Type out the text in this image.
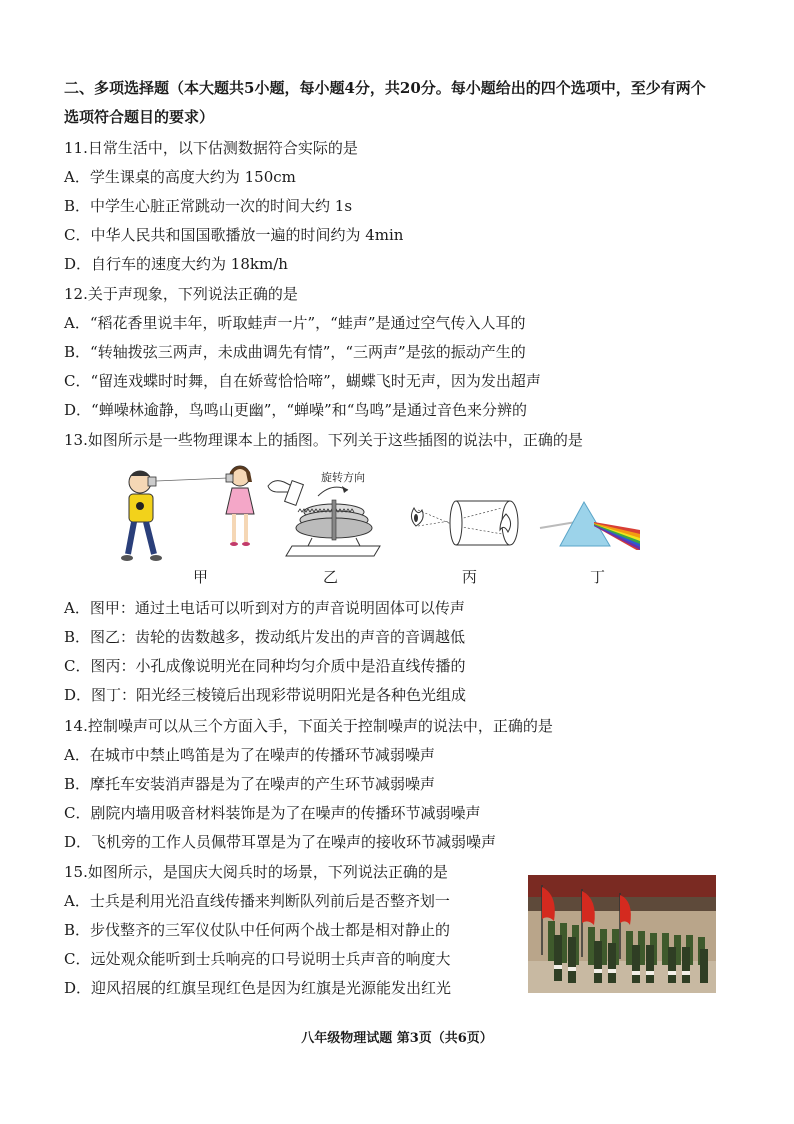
二、多项选择题（本大题共5小题，每小题4分，共20分。每小题给出的四个选项中，至少有两个
选项符合题目的要求）
11.日常生活中，以下估测数据符合实际的是
A．学生课桌的高度大约为 150cm
B．中学生心脏正常跳动一次的时间大约 1s
C．中华人民共和国国歌播放一遍的时间约为 4min
D．自行车的速度大约为 18km/h
12.关于声现象，下列说法正确的是
A．“稻花香里说丰年，听取蛙声一片”，“蛙声”是通过空气传入人耳的
B．“转轴拨弦三两声，未成曲调先有情”，“三两声”是弦的振动产生的
C．“留连戏蝶时时舞，自在娇莺恰恰啼”，蝴蝶飞时无声，因为发出超声
D．“蝉噪林逾静，鸟鸣山更幽”，“蝉噪”和“鸟鸣”是通过音色来分辨的
13.如图所示是一些物理课本上的插图。下列关于这些插图的说法中，正确的是
甲
旋转方向
乙	丙	丁
A．图甲：通过土电话可以听到对方的声音说明固体可以传声
B．图乙：齿轮的齿数越多，拨动纸片发出的声音的音调越低
C．图丙：小孔成像说明光在同种均匀介质中是沿直线传播的
D．图丁：阳光经三棱镜后出现彩带说明阳光是各种色光组成
14.控制噪声可以从三个方面入手，下面关于控制噪声的说法中，正确的是
A．在城市中禁止鸣笛是为了在噪声的传播环节减弱噪声
B．摩托车安装消声器是为了在噪声的产生环节减弱噪声
C．剧院内墙用吸音材料装饰是为了在噪声的传播环节减弱噪声
D．飞机旁的工作人员佩带耳罩是为了在噪声的接收环节减弱噪声
15.如图所示，是国庆大阅兵时的场景，下列说法正确的是
A．士兵是利用光沿直线传播来判断队列前后是否整齐划一
B．步伐整齐的三军仪仗队中任何两个战士都是相对静止的
C．远处观众能听到士兵响亮的口号说明士兵声音的响度大
D．迎风招展的红旗呈现红色是因为红旗是光源能发出红光
八年级物理试题 第3页（共6页）
